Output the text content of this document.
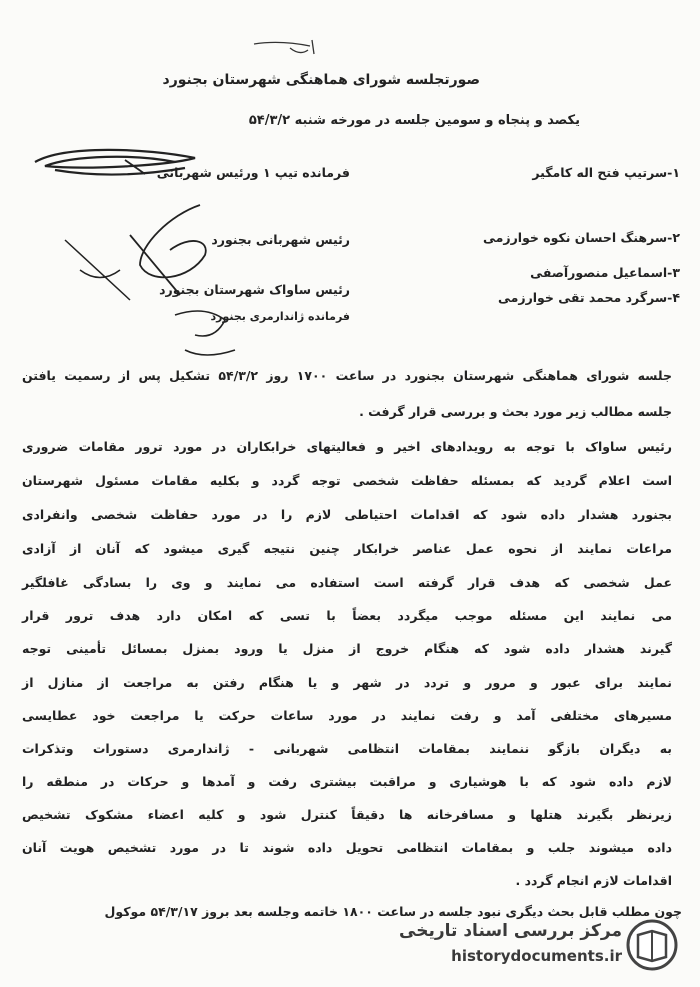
صورتجلسه شورای هماهنگی شهرستان بجنورد
یکصد و پنجاه و سومین جلسه در مورخه شنبه ۵۴/۳/۲
۱-سرتیپ فتح اله کامگیر
۲-سرهنگ احسان نکوه خوارزمی
۳-اسماعیل منصورآصفی
۴-سرگرد محمد تقی خوارزمی
فرمانده تیپ ۱ ورئیس شهربانی
رئیس شهربانی بجنورد
رئیس ساواک شهرستان بجنورد
فرمانده ژاندارمری بجنورد
جلسه شورای هماهنگی شهرستان بجنورد در ساعت ۱۷۰۰ روز ۵۴/۳/۲ تشکیل پس از رسمیت یافتن
جلسه مطالب زیر مورد بحث و بررسی قرار گرفت .
رئیس ساواک با توجه به رویدادهای اخیر و فعالیتهای خرابکاران در مورد ترور مقامات ضروری
است اعلام گردید که بمسئله حفاظت شخصی توجه گردد و بکلیه مقامات مسئول شهرستان
بجنورد هشدار داده شود که اقدامات احتیاطی لازم را در مورد حفاظت شخصی وانفرادی
مراعات نمایند از نحوه عمل عناصر خرابکار چنین نتیجه گیری میشود که آنان از آزادی
عمل شخصی که هدف قرار گرفته است استفاده می نمایند و وی را بسادگی غافلگیر
می نمایند این مسئله موجب میگردد بعضاً با تسی که امکان دارد هدف ترور قرار
گیرند هشدار داده شود که هنگام خروج از منزل یا ورود بمنزل بمسائل تأمینی توجه
نمایند برای عبور و مرور و تردد در شهر و یا هنگام رفتن به مراجعت از منازل از
مسیرهای مختلفی آمد و رفت نمایند در مورد ساعات حرکت یا مراجعت خود عطایسی
به دیگران بازگو ننمایند بمقامات انتظامی شهربانی - ژاندارمری دستورات وتذکرات
لازم داده شود که با هوشیاری و مراقبت بیشتری رفت و آمدها و حرکات در منطقه را
زیرنظر بگیرند هتلها و مسافرخانه ها دقیقاً کنترل شود و کلیه اعضاء مشکوک تشخیص
داده میشوند جلب و بمقامات انتظامی تحویل داده شوند تا در مورد تشخیص هویت آنان
اقدامات لازم انجام گردد .
چون مطلب قابل بحث دیگری نبود جلسه در ساعت ۱۸۰۰ خاتمه وجلسه بعد بروز ۵۴/۳/۱۷ موکول
مرکز بررسی اسناد تاریخی
historydocuments.ir
